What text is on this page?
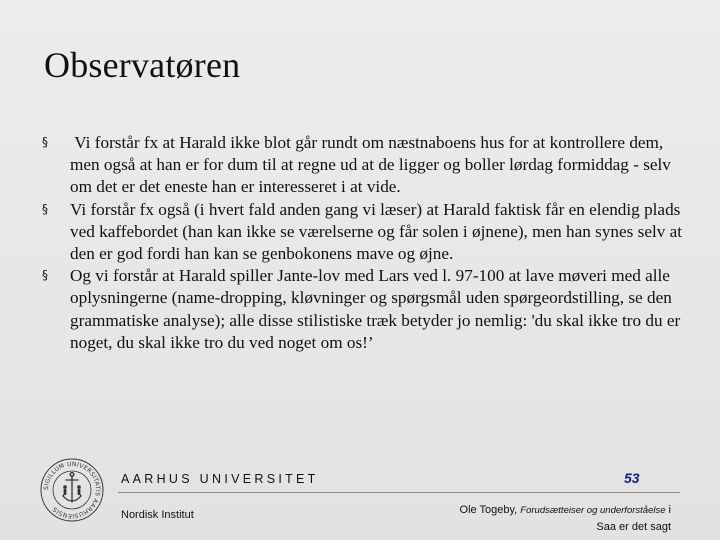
Observatøren
§ Vi forstår fx at Harald ikke blot går rundt om næstnaboens hus for at kontrollere dem, men også at han er for dum til at regne ud at de ligger og boller lørdag formiddag - selv om det er det eneste han er interesseret i at vide.
§ Vi forstår fx også (i hvert fald anden gang vi læser) at Harald faktisk får en elendig plads ved kaffebordet (han kan ikke se værelserne og får solen i øjnene), men han synes selv at den er god fordi han kan se genbokonens mave og øjne.
§ Og vi forstår at Harald spiller Jante-lov med Lars ved l. 97-100 at lave møveri med alle oplysningerne (name-dropping, kløvninger og spørgsmål uden spørgeordstilling, se den grammatiske analyse); alle disse stilistiske træk betyder jo nemlig: 'du skal ikke tro du er noget, du skal ikke tro du ved noget om os!’
SIGILLUM UNIVERSITATIS AARHUSIENSIS
AARHUS UNIVERSITET
Nordisk Institut
53
Ole Togeby, Forudsætteiser og underforståelse i
Saa er det sagt
